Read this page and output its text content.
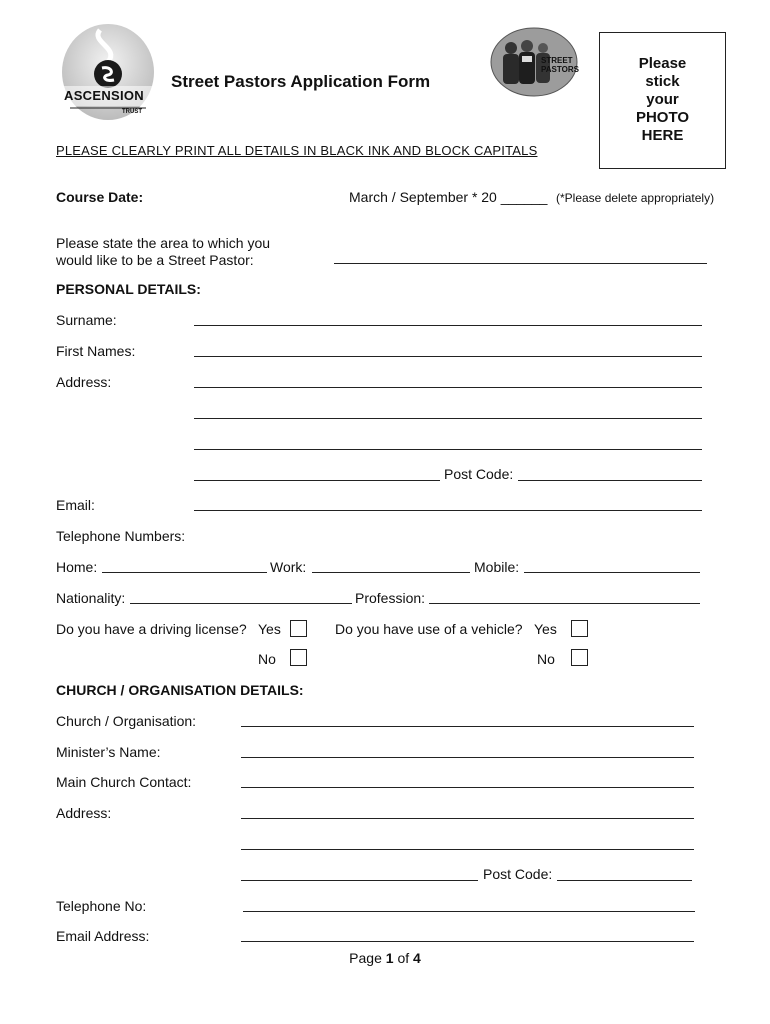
ASCENSION
TRUST
Street Pastors Application Form
STREET
PASTORS	Please
stick
your
PHOTO
HERE
PLEASE CLEARLY PRINT ALL DETAILS IN BLACK INK AND BLOCK CAPITALS
Course Date:	March / September * 20 ______ (*Please delete appropriately)
Please state the area to which you
would like to be a Street Pastor:
PERSONAL DETAILS:
Surname:
First Names:
Address:
Post Code:
Email:
Telephone Numbers:
Home:	Work:	Mobile:
Nationality:	Profession:
Do you have a driving license? Yes
No
Do you have use of a vehicle? Yes
No
CHURCH / ORGANISATION DETAILS:
Church / Organisation:
Minister’s Name:
Main Church Contact:
Address:
Post Code:
Telephone No:
Email Address:
Page 1 of 4
